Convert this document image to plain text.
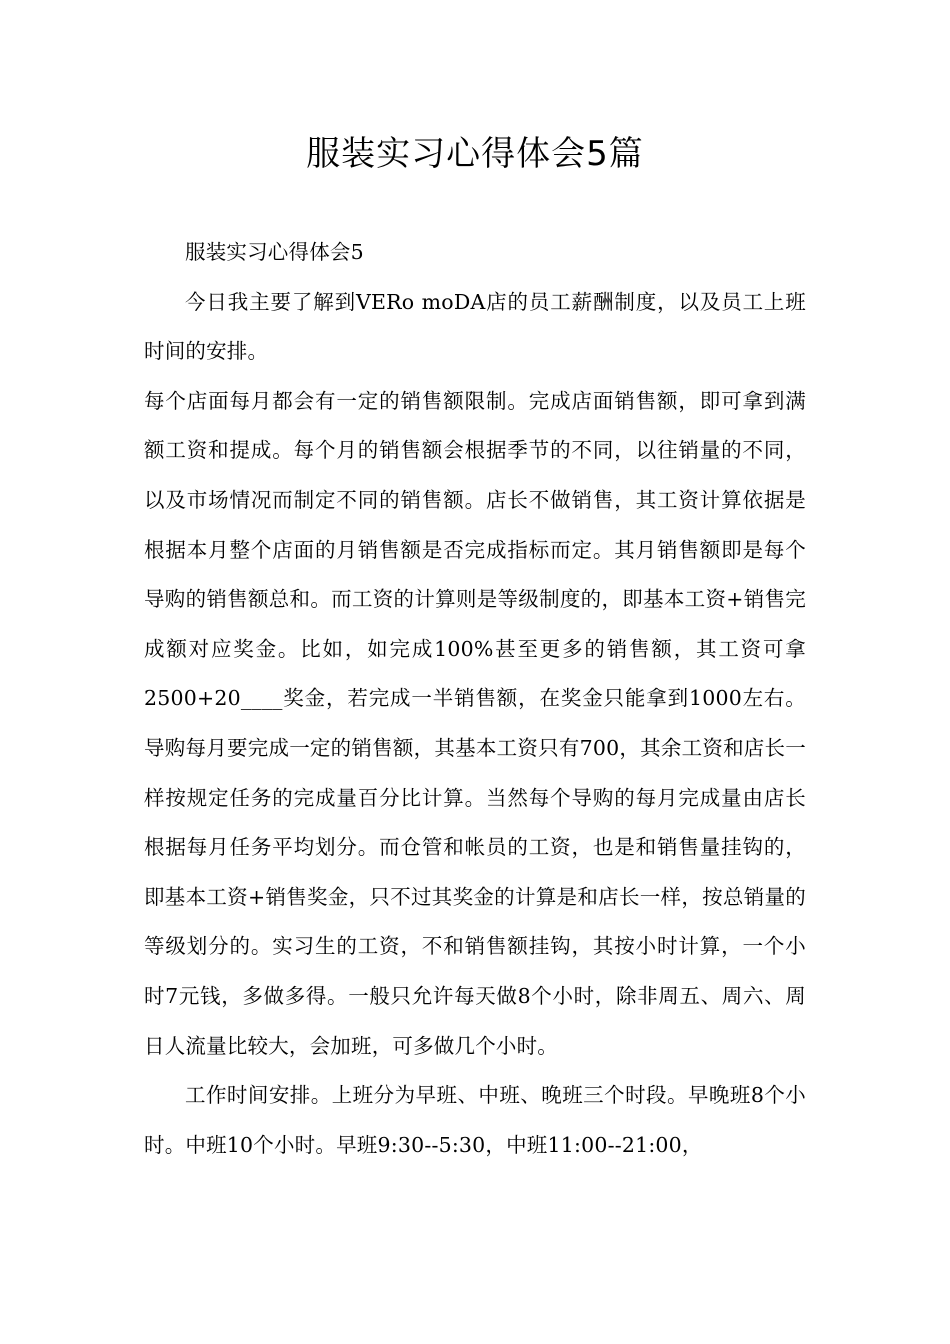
服装实习心得体会5篇

服装实习心得体会5

今日我主要了解到VERo moDA店的员工薪酬制度，以及员工上班时间的安排。

每个店面每月都会有一定的销售额限制。完成店面销售额，即可拿到满额工资和提成。每个月的销售额会根据季节的不同，以往销量的不同，以及市场情况而制定不同的销售额。店长不做销售，其工资计算依据是根据本月整个店面的月销售额是否完成指标而定。其月销售额即是每个导购的销售额总和。而工资的计算则是等级制度的，即基本工资+销售完成额对应奖金。比如，如完成100%甚至更多的销售额，其工资可拿2500+20____奖金，若完成一半销售额，在奖金只能拿到1000左右。导购每月要完成一定的销售额，其基本工资只有700，其余工资和店长一样按规定任务的完成量百分比计算。当然每个导购的每月完成量由店长根据每月任务平均划分。而仓管和帐员的工资，也是和销售量挂钩的，即基本工资+销售奖金，只不过其奖金的计算是和店长一样，按总销量的等级划分的。实习生的工资，不和销售额挂钩，其按小时计算，一个小时7元钱，多做多得。一般只允许每天做8个小时，除非周五、周六、周日人流量比较大，会加班，可多做几个小时。

工作时间安排。上班分为早班、中班、晚班三个时段。早晚班8个小时。中班10个小时。早班9:30--5:30，中班11:00--21:00，
